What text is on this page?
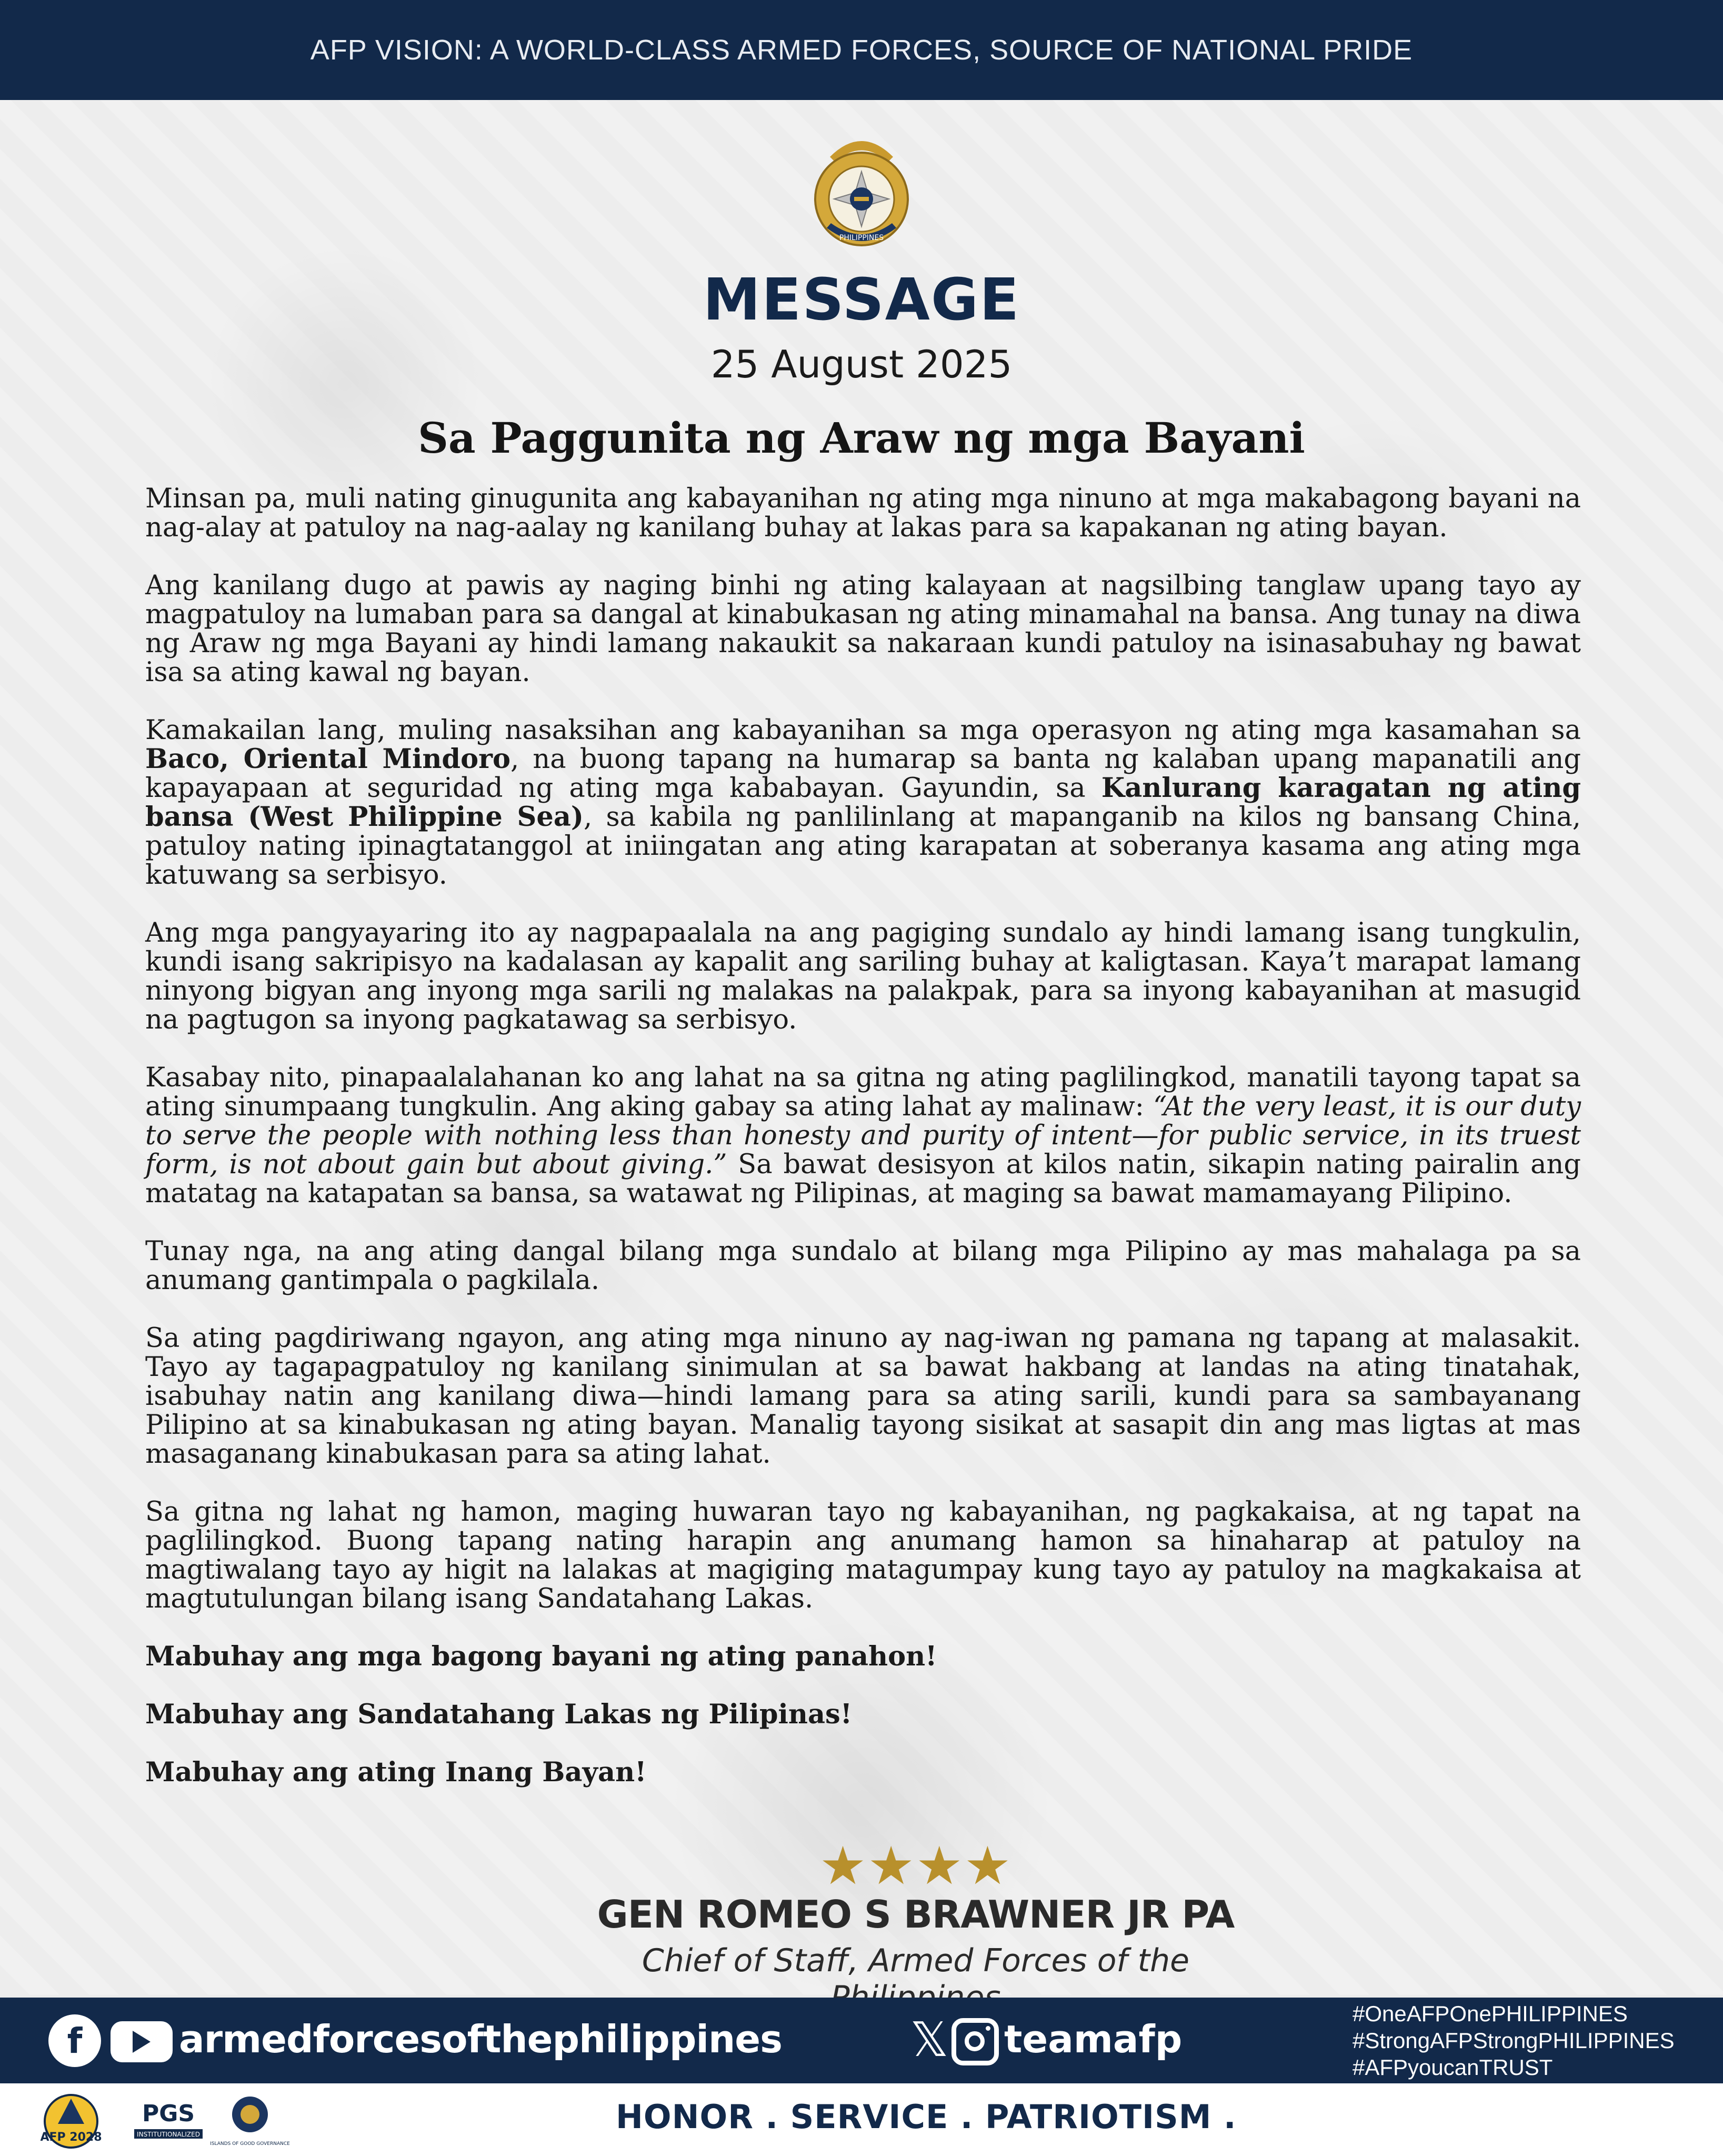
AFP VISION: A WORLD-CLASS ARMED FORCES, SOURCE OF NATIONAL PRIDE
PHILIPPINES
MESSAGE
25 August 2025
Sa Paggunita ng Araw ng mga Bayani

Minsan pa, muli nating ginugunita ang kabayanihan ng ating mga ninuno at mga makabagong bayani na nag-alay at patuloy na nag-aalay ng kanilang buhay at lakas para sa kapakanan ng ating bayan.

Ang kanilang dugo at pawis ay naging binhi ng ating kalayaan at nagsilbing tanglaw upang tayo ay magpatuloy na lumaban para sa dangal at kinabukasan ng ating minamahal na bansa. Ang tunay na diwa ng Araw ng mga Bayani ay hindi lamang nakaukit sa nakaraan kundi patuloy na isinasabuhay ng bawat isa sa ating kawal ng bayan.

Kamakailan lang, muling nasaksihan ang kabayanihan sa mga operasyon ng ating mga kasamahan sa Baco, Oriental Mindoro, na buong tapang na humarap sa banta ng kalaban upang mapanatili ang kapayapaan at seguridad ng ating mga kababayan. Gayundin, sa Kanlurang karagatan ng ating bansa (West Philippine Sea), sa kabila ng panlilinlang at mapanganib na kilos ng bansang China, patuloy nating ipinagtatanggol at iniingatan ang ating karapatan at soberanya kasama ang ating mga katuwang sa serbisyo.

Ang mga pangyayaring ito ay nagpapaalala na ang pagiging sundalo ay hindi lamang isang tungkulin, kundi isang sakripisyo na kadalasan ay kapalit ang sariling buhay at kaligtasan. Kaya’t marapat lamang ninyong bigyan ang inyong mga sarili ng malakas na palakpak, para sa inyong kabayanihan at masugid na pagtugon sa inyong pagkatawag sa serbisyo.

Kasabay nito, pinapaalalahanan ko ang lahat na sa gitna ng ating paglilingkod, manatili tayong tapat sa ating sinumpaang tungkulin. Ang aking gabay sa ating lahat ay malinaw: “At the very least, it is our duty to serve the people with nothing less than honesty and purity of intent—for public service, in its truest form, is not about gain but about giving.” Sa bawat desisyon at kilos natin, sikapin nating pairalin ang matatag na katapatan sa bansa, sa watawat ng Pilipinas, at maging sa bawat mamamayang Pilipino.

Tunay nga, na ang ating dangal bilang mga sundalo at bilang mga Pilipino ay mas mahalaga pa sa anumang gantimpala o pagkilala.

Sa ating pagdiriwang ngayon, ang ating mga ninuno ay nag-iwan ng pamana ng tapang at malasakit. Tayo ay tagapagpatuloy ng kanilang sinimulan at sa bawat hakbang at landas na ating tinatahak, isabuhay natin ang kanilang diwa—hindi lamang para sa ating sarili, kundi para sa sambayanang Pilipino at sa kinabukasan ng ating bayan. Manalig tayong sisikat at sasapit din ang mas ligtas at mas masaganang kinabukasan para sa ating lahat.

Sa gitna ng lahat ng hamon, maging huwaran tayo ng kabayanihan, ng pagkakaisa, at ng tapat na paglilingkod. Buong tapang nating harapin ang anumang hamon sa hinaharap at patuloy na magtiwalang tayo ay higit na lalakas at magiging matagumpay kung tayo ay patuloy na magkakaisa at magtutulungan bilang isang Sandatahang Lakas.

Mabuhay ang mga bagong bayani ng ating panahon!

Mabuhay ang Sandatahang Lakas ng Pilipinas!

Mabuhay ang ating Inang Bayan!

★★★★
GEN ROMEO S BRAWNER JR PA
Chief of Staff, Armed Forces of the
f	armedforcesofthephilippines	𝕏 teamafp
#OneAFPOnePHILIPPINES
#StrongAFPStrongPHILIPPINES
#AFPyoucanTRUST
AFP 2028
PGS
INSTITUTIONALIZED
ISLANDS OF GOOD GOVERNANCE
HONOR . SERVICE . PATRIOTISM .
